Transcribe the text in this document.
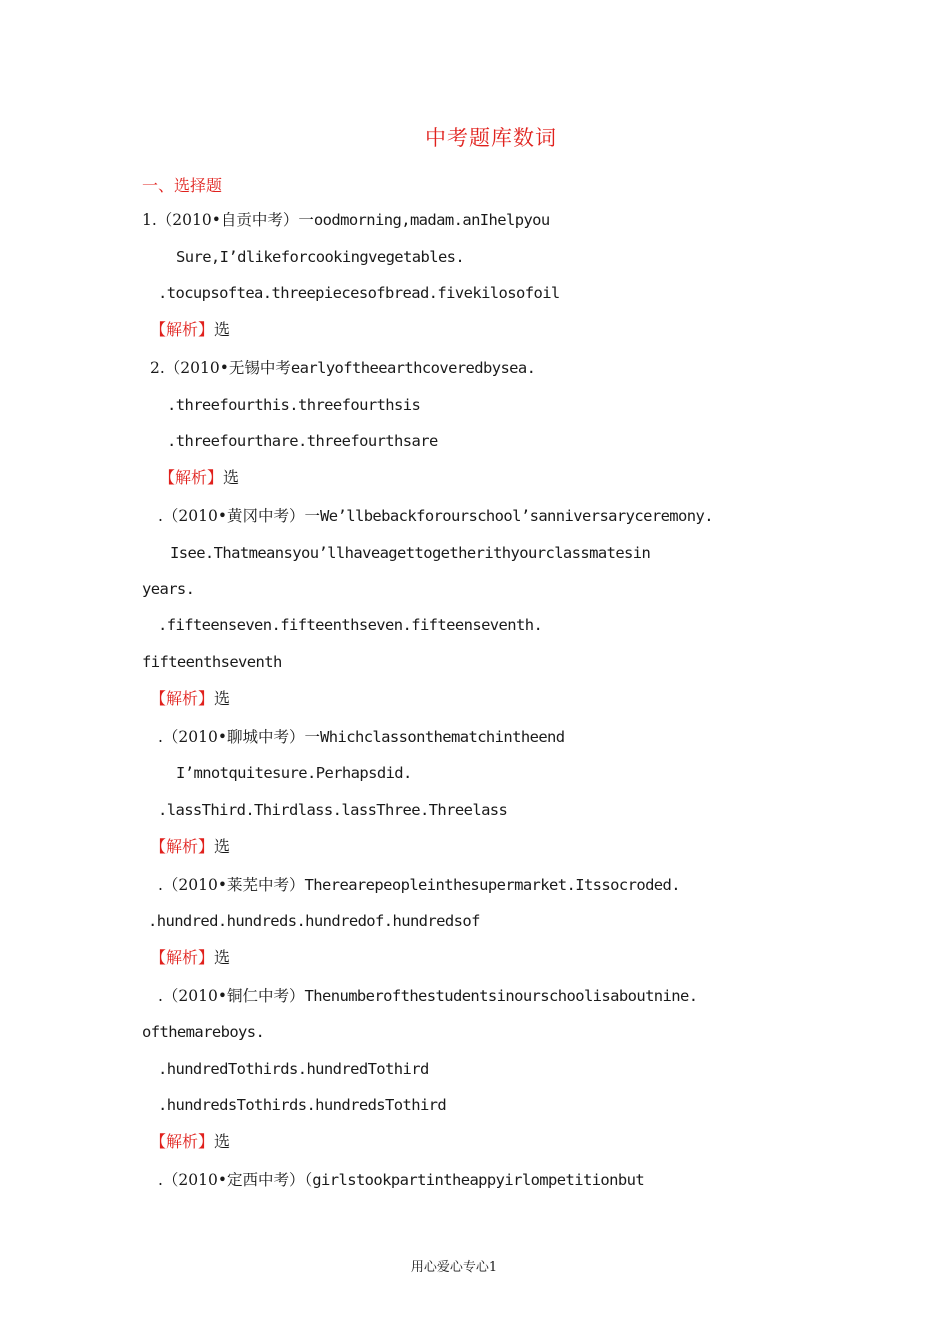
中考题库数词
一、选择题
1.（2010•自贡中考）一oodmorning,madam.anIhelpyou
Sure,I’dlikeforcookingvegetables.
.tocupsoftea.threepiecesofbread.fivekilosofoil
【解析】选
2.（2010•无锡中考earlyoftheearthcoveredbysea.
.threefourthis.threefourthsis
.threefourthare.threefourthsare
【解析】选
.（2010•黄冈中考）一We’llbebackforourschool’sanniversaryceremony.
Isee.Thatmeansyou’llhaveagettogetherithyourclassmatesin
years.
.fifteenseven.fifteenthseven.fifteenseventh.
fifteenthseventh
【解析】选
.（2010•聊城中考）一Whichclassonthematchintheend
I’mnotquitesure.Perhapsdid.
.lassThird.Thirdlass.lassThree.Threelass
【解析】选
.（2010•莱芜中考）Therearepeopleinthesupermarket.Itssocroded.
.hundred.hundreds.hundredof.hundredsof
【解析】选
.（2010•铜仁中考）Thenumberofthestudentsinourschoolisaboutnine.
ofthemareboys.
.hundredTothirds.hundredTothird
.hundredsTothirds.hundredsTothird
【解析】选
.（2010•定西中考）（girlstookpartintheappyirlompetitionbut
用心爱心专心1
